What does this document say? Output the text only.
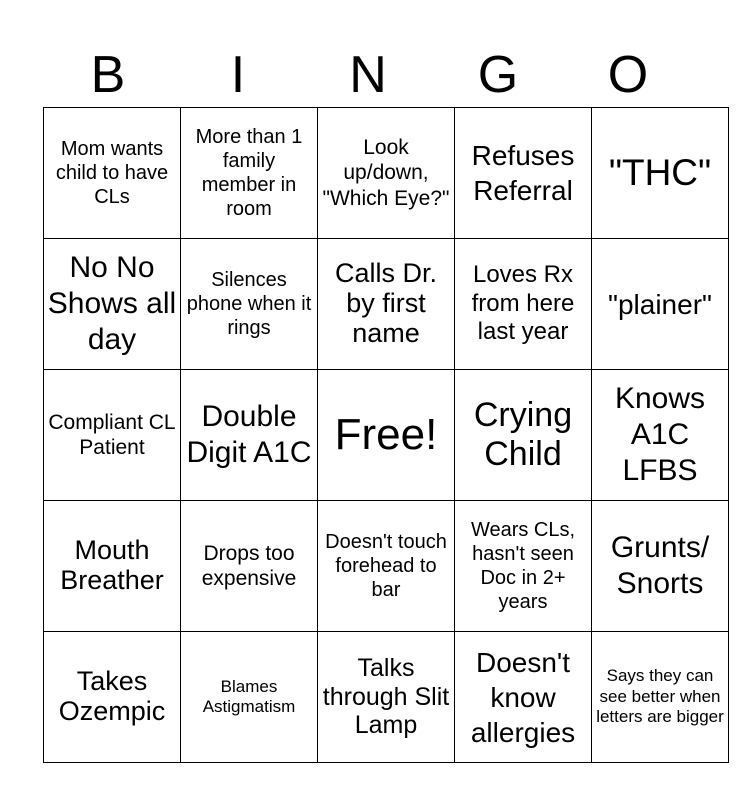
B	I	N	G	O
Mom wants child to have CLs	More than 1 family member in room	Look up/down, "Which Eye?"	Refuses Referral	"THC"
No No Shows all day	Silences phone when it rings	Calls Dr. by first name	Loves Rx from here last year	"plainer"
Compliant CL Patient	Double Digit A1C	Free!	Crying Child	Knows A1C LFBS
Mouth Breather	Drops too expensive	Doesn't touch forehead to bar	Wears CLs, hasn't seen Doc in 2+ years	Grunts/ Snorts
Takes Ozempic	Blames Astigmatism	Talks through Slit Lamp	Doesn't know allergies	Says they can see better when letters are bigger
